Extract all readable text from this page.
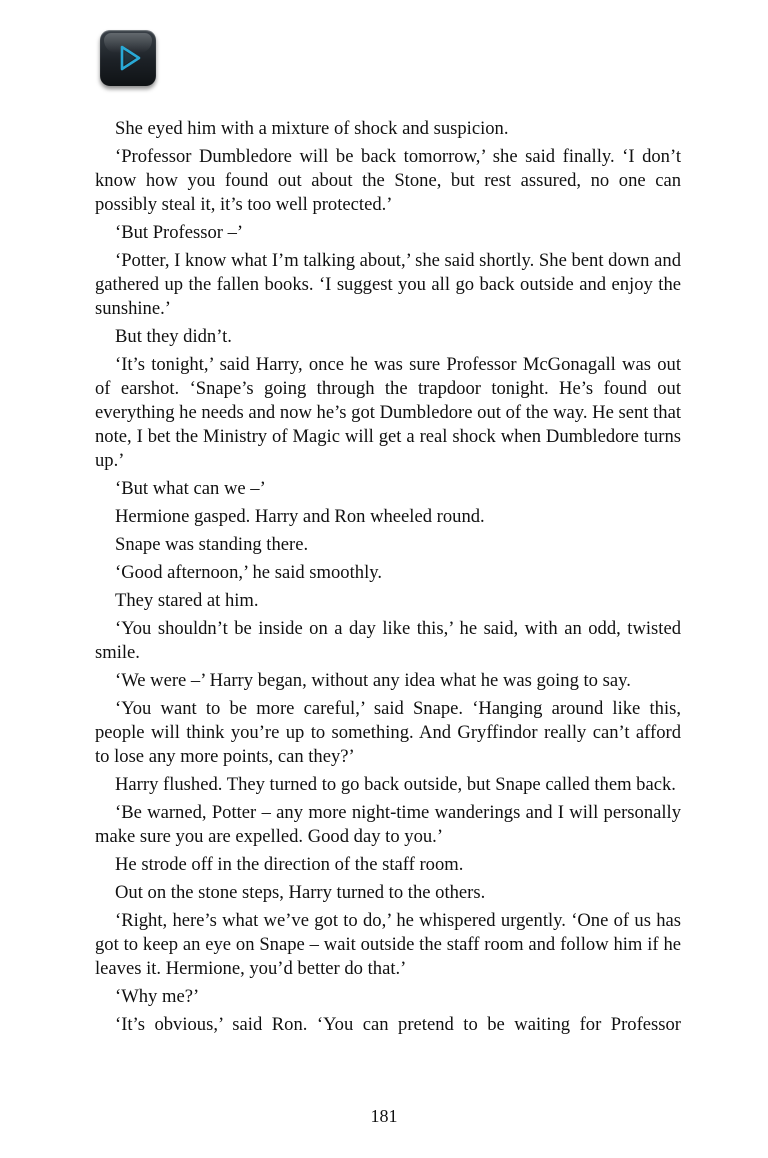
She eyed him with a mixture of shock and suspicion.

‘Professor Dumbledore will be back tomorrow,’ she said finally. ‘I don’t know how you found out about the Stone, but rest assured, no one can possibly steal it, it’s too well protected.’

‘But Professor –’

‘Potter, I know what I’m talking about,’ she said shortly. She bent down and gathered up the fallen books. ‘I suggest you all go back outside and enjoy the sunshine.’

But they didn’t.

‘It’s tonight,’ said Harry, once he was sure Professor McGonagall was out of earshot. ‘Snape’s going through the trapdoor tonight. He’s found out everything he needs and now he’s got Dumbledore out of the way. He sent that note, I bet the Ministry of Magic will get a real shock when Dumbledore turns up.’

‘But what can we –’

Hermione gasped. Harry and Ron wheeled round.

Snape was standing there.

‘Good afternoon,’ he said smoothly.

They stared at him.

‘You shouldn’t be inside on a day like this,’ he said, with an odd, twisted smile.

‘We were –’ Harry began, without any idea what he was going to say.

‘You want to be more careful,’ said Snape. ‘Hanging around like this, people will think you’re up to something. And Gryffindor really can’t afford to lose any more points, can they?’

Harry flushed. They turned to go back outside, but Snape called them back.

‘Be warned, Potter – any more night-time wanderings and I will personally make sure you are expelled. Good day to you.’

He strode off in the direction of the staff room.

Out on the stone steps, Harry turned to the others.

‘Right, here’s what we’ve got to do,’ he whispered urgently. ‘One of us has got to keep an eye on Snape – wait outside the staff room and follow him if he leaves it. Hermione, you’d better do that.’

‘Why me?’

‘It’s obvious,’ said Ron. ‘You can pretend to be waiting for Professor

181
